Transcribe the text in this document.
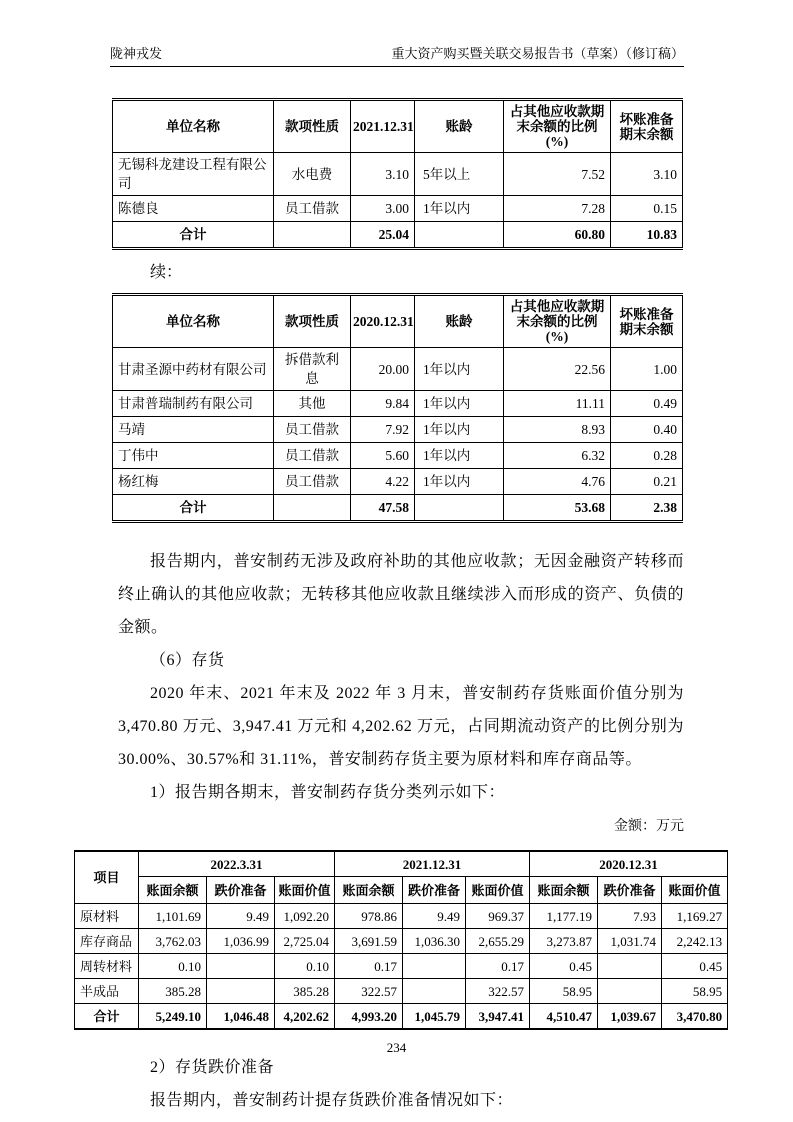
陇神戎发	重大资产购买暨关联交易报告书（草案）（修订稿）
单位名称	款项性质	2021.12.31	账龄	占其他应收款期末余额的比例(%)	坏账准备期末余额
无锡科龙建设工程有限公司	水电费	3.10	5年以上	7.52	3.10
陈德良	员工借款	3.00	1年以内	7.28	0.15
合计		25.04		60.80	10.83

续：

单位名称	款项性质	2020.12.31	账龄	占其他应收款期末余额的比例(%)	坏账准备期末余额
甘肃圣源中药材有限公司	拆借款利息	20.00	1年以内	22.56	1.00
甘肃普瑞制药有限公司	其他	9.84	1年以内	11.11	0.49
马靖	员工借款	7.92	1年以内	8.93	0.40
丁伟中	员工借款	5.60	1年以内	6.32	0.28
杨红梅	员工借款	4.22	1年以内	4.76	0.21
合计		47.58		53.68	2.38

报告期内，普安制药无涉及政府补助的其他应收款；无因金融资产转移而终止确认的其他应收款；无转移其他应收款且继续涉入而形成的资产、负债的金额。

（6）存货

2020 年末、2021 年末及 2022 年 3 月末，普安制药存货账面价值分别为 3,470.80 万元、3,947.41 万元和 4,202.62 万元，占同期流动资产的比例分别为 30.00%、30.57%和 31.11%，普安制药存货主要为原材料和库存商品等。

1）报告期各期末，普安制药存货分类列示如下：

金额：万元

项目	2022.3.31			2021.12.31			2020.12.31		
	账面余额	跌价准备	账面价值	账面余额	跌价准备	账面价值	账面余额	跌价准备	账面价值
原材料	1,101.69	9.49	1,092.20	978.86	9.49	969.37	1,177.19	7.93	1,169.27
库存商品	3,762.03	1,036.99	2,725.04	3,691.59	1,036.30	2,655.29	3,273.87	1,031.74	2,242.13
周转材料	0.10		0.10	0.17		0.17	0.45		0.45
半成品	385.28		385.28	322.57		322.57	58.95		58.95
合计	5,249.10	1,046.48	4,202.62	4,993.20	1,045.79	3,947.41	4,510.47	1,039.67	3,470.80

2）存货跌价准备

报告期内，普安制药计提存货跌价准备情况如下：

234
